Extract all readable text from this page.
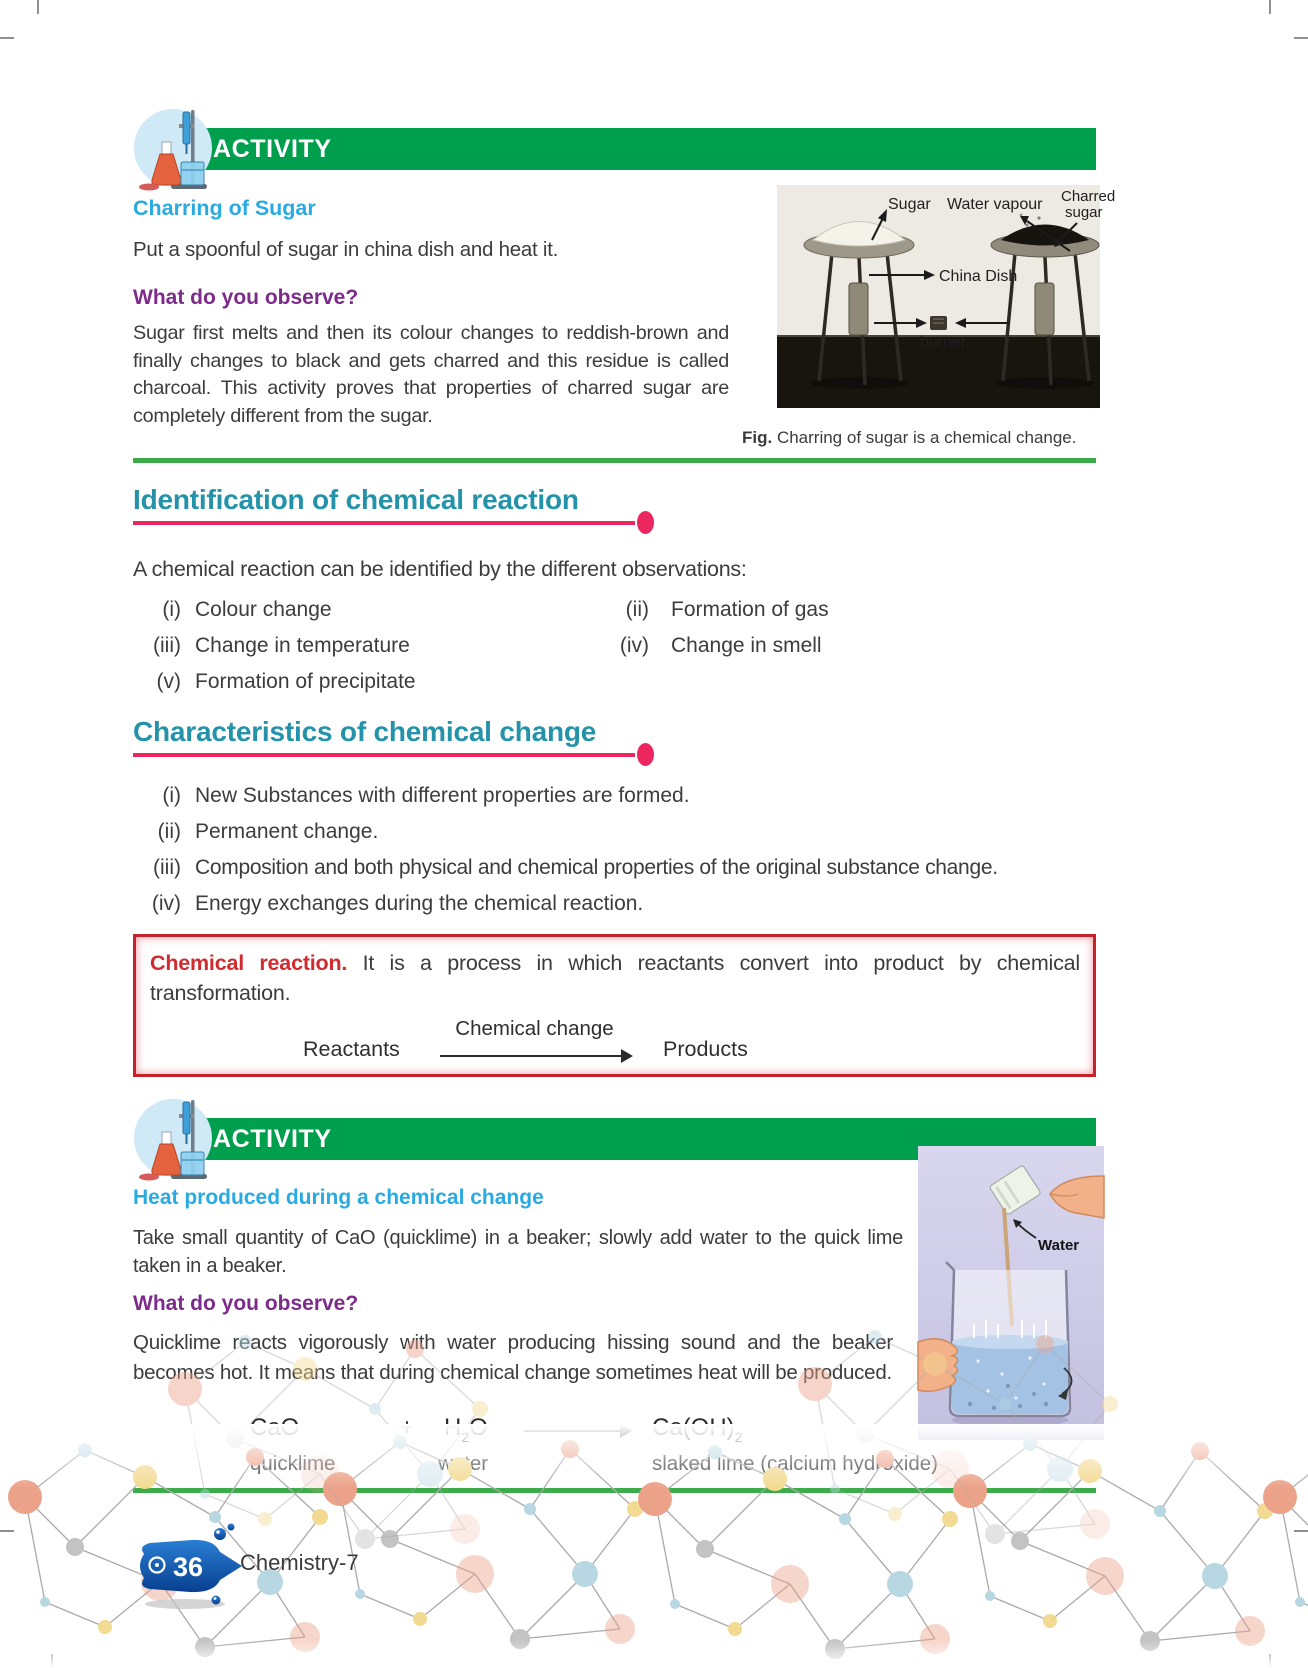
ACTIVITY
Charring of Sugar
Put a spoonful of sugar in china dish and heat it.
What do you observe?
Sugar first melts and then its colour changes to reddish-brown and finally changes to black and gets charred and this residue is called charcoal. This activity proves that properties of charred sugar are completely different from the sugar.
Sugar Water vapour Charred
sugar
China Dish
burner
Fig. Charring of sugar is a chemical change.
Identification of chemical reaction
A chemical reaction can be identified by the different observations:
(i) Colour change	(ii) Formation of gas
(iii) Change in temperature	(iv) Change in smell
(v) Formation of precipitate
Characteristics of chemical change
(i) New Substances with different properties are formed.
(ii) Permanent change.
(iii) Composition and both physical and chemical properties of the original substance change.
(iv) Energy exchanges during the chemical reaction.
Chemical reaction. It is a process in which reactants convert into product by chemical transformation.
Reactants
Chemical change
Products
ACTIVITY
Heat produced during a chemical change
Take small quantity of CaO (quicklime) in a beaker; slowly add water to the quick lime taken in a beaker.
What do you observe?
Quicklime reacts vigorously with water producing hissing sound and the beaker becomes hot. It means that during chemical change sometimes heat will be produced.
Water
36 Chemistry-7
